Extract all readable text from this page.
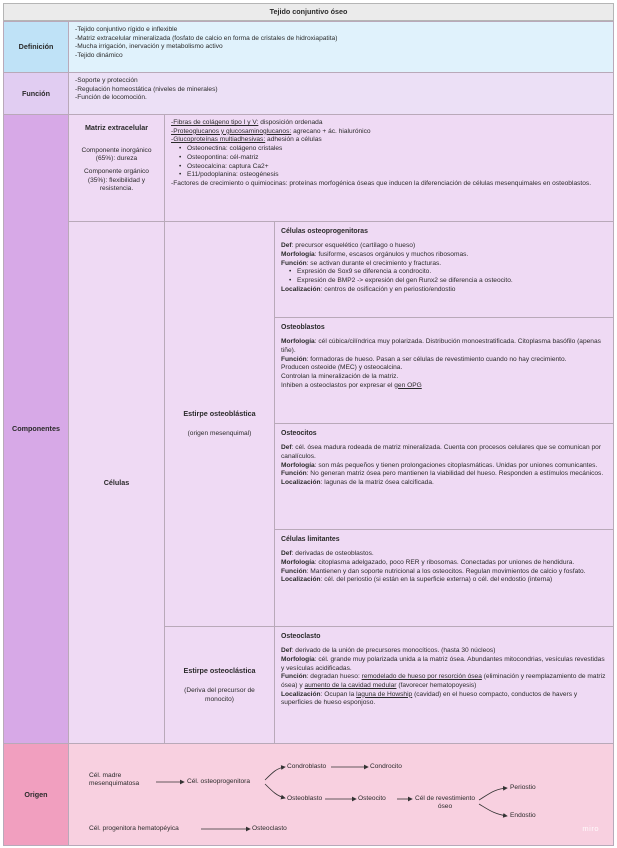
Tejido conjuntivo óseo
Definición
-Tejido conjuntivo rígido e inflexible
-Matriz extracelular mineralizada (fosfato de calcio en forma de cristales de hidroxiapatita)
-Mucha irrigación, inervación y metabolismo activo
-Tejido dinámico
Función
-Soporte y protección
-Regulación homeostática (niveles de minerales)
-Función de locomoción.
Componentes
Matriz extracelular
Componente inorgánico (65%): dureza
Componente orgánico (35%): flexibilidad y resistencia.
-Fibras de colágeno tipo I y V: disposición ordenada
-Proteoglucanos y glucosaminoglucanos: agrecano + ác. hialurónico
-Glucoproteínas multiadhesivas: adhesión a células
• Osteonectina: colágeno cristales
• Osteopontina: cél-matriz
• Osteocalcina: captura Ca2+
• E11/podoplanina: osteogénesis
-Factores de crecimiento o quimiocinas: proteínas morfogénica óseas que inducen la diferenciación de células mesenquimales en osteoblastos.
Células
Estirpe osteoblástica
(origen mesenquimal)
Células osteoprogenitoras
Def: precursor esquelético (cartílago o hueso)
Morfología: fusiforme, escasos orgánulos y muchos ribosomas.
Función: se activan durante el crecimiento y fracturas.
• Expresión de Sox9 se diferencia a condrocito.
• Expresión de BMP2 -> expresión del gen Runx2 se diferencia a osteocito.
Localización: centros de osificación y en periostio/endostio
Osteoblastos
Morfología: cél cúbica/cilíndrica muy polarizada. Distribución monoestratificada. Citoplasma basófilo (apenas tiñe).
Función: formadoras de hueso. Pasan a ser células de revestimiento cuando no hay crecimiento.
Producen osteoide (MEC) y osteocalcina.
Controlan la mineralización de la matriz.
Inhiben a osteoclastos por expresar el gen OPG
Osteocitos
Def: cél. ósea madura rodeada de matriz mineralizada. Cuenta con procesos celulares que se comunican por canalículos.
Morfología: son más pequeños y tienen prolongaciones citoplasmáticas. Unidas por uniones comunicantes.
Función: No generan matriz ósea pero mantienen la viabilidad del hueso. Responden a estímulos mecánicos.
Localización: lagunas de la matriz ósea calcificada.
Células limitantes
Def: derivadas de osteoblastos.
Morfología: citoplasma adelgazado, poco RER y ribosomas. Conectadas por uniones de hendidura.
Función: Mantienen y dan soporte nutricional a los osteocitos. Regulan movimientos de calcio y fosfato.
Localización: cél. del periostio (si están en la superficie externa) o cél. del endostio (interna)
Estirpe osteoclástica
(Deriva del precursor de monocito)
Osteoclasto
Def: derivado de la unión de precursores monocíticos. (hasta 30 núcleos)
Morfología: cél. grande muy polarizada unida a la matriz ósea. Abundantes mitocondrias, vesículas revestidas y vesículas acidificadas.
Función: degradan hueso: remodelado de hueso por resorción ósea (eliminación y reemplazamiento de matriz ósea) y aumento de la cavidad medular (favorecer hematopoyesis)
Localización: Ocupan la laguna de Howship (cavidad) en el hueso compacto, conductos de havers y superficies de hueso esponjoso.
Origen
Cél. madre mesenquimatosa	Cél. osteoprogenitora
Condroblasto	Condrocito
Osteoblasto	Osteocito	Cél de revestimiento óseo
Periostio
Endostio
Cél. progenitora hematopéyica	Osteoclasto	miro
